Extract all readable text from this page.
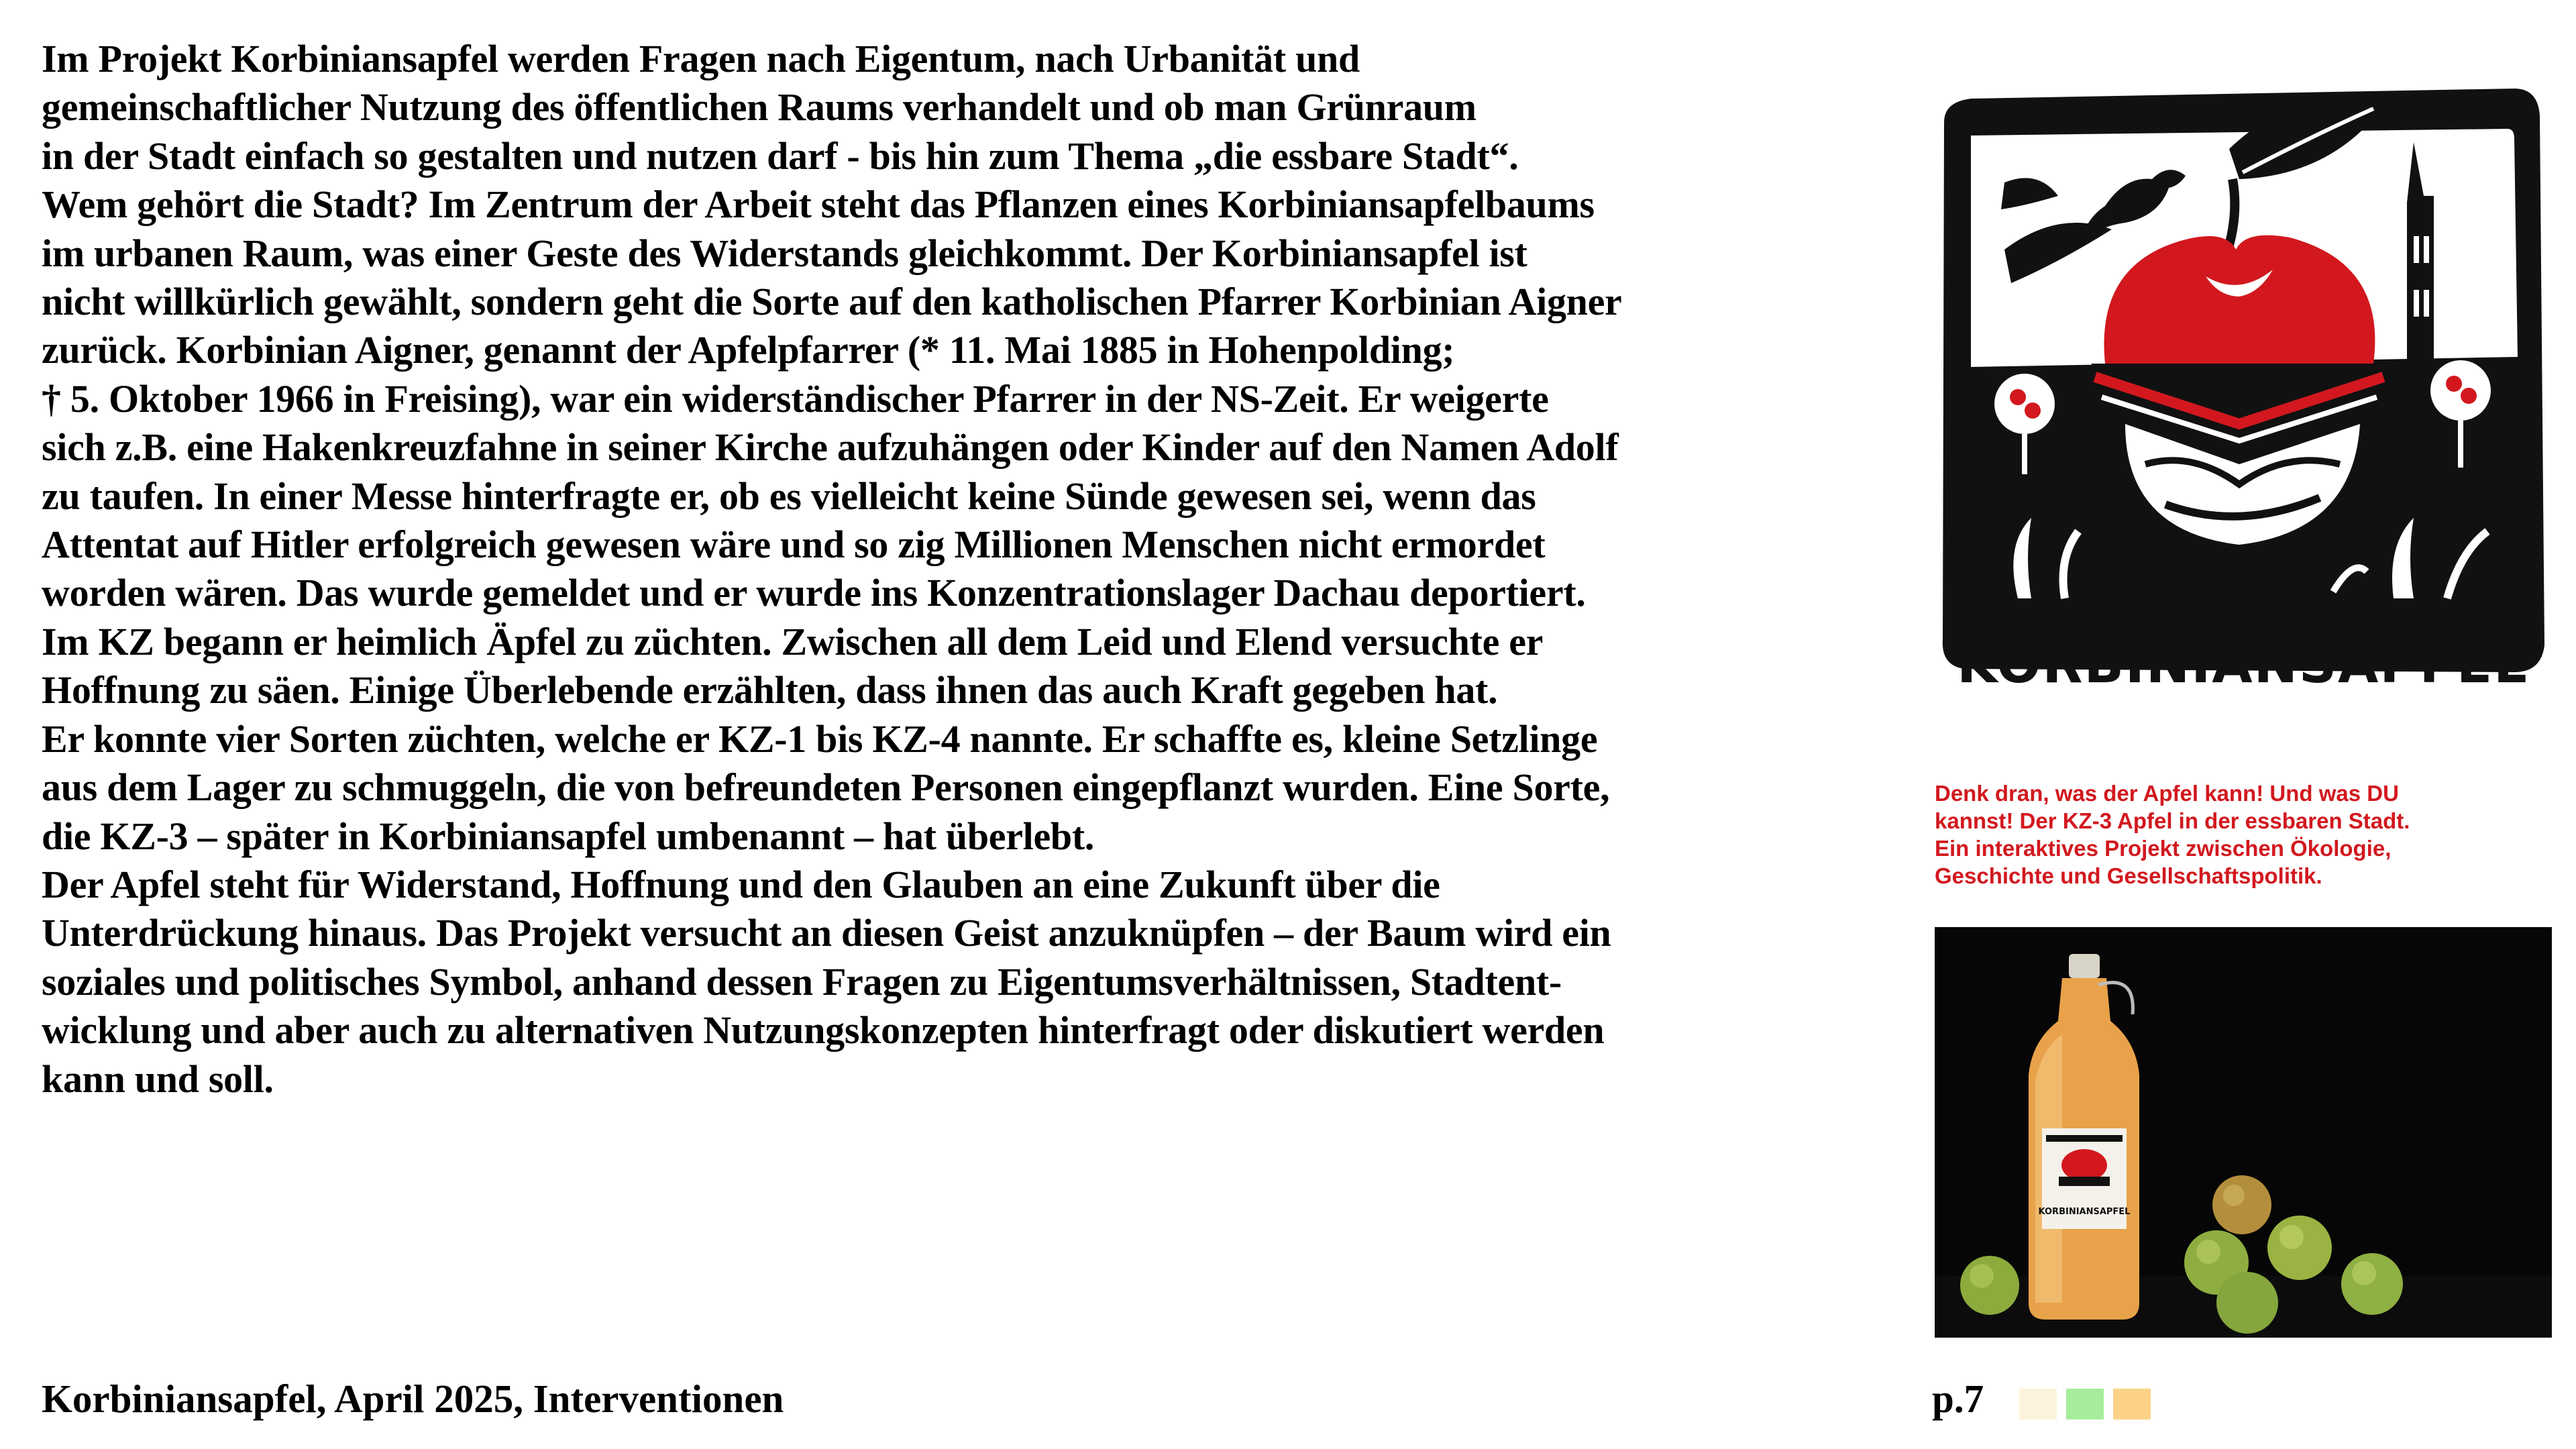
Im Projekt Korbiniansapfel werden Fragen nach Eigentum, nach Urbanität und
gemeinschaftlicher Nutzung des öffentlichen Raums verhandelt und ob man Grünraum
in der Stadt einfach so gestalten und nutzen darf - bis hin zum Thema „die essbare Stadt“.
Wem gehört die Stadt? Im Zentrum der Arbeit steht das Pflanzen eines Korbiniansapfelbaums
im urbanen Raum, was einer Geste des Widerstands gleichkommt. Der Korbiniansapfel ist
nicht willkürlich gewählt, sondern geht die Sorte auf den katholischen Pfarrer Korbinian Aigner
zurück. Korbinian Aigner, genannt der Apfelpfarrer (* 11. Mai 1885 in Hohenpolding;
† 5. Oktober 1966 in Freising), war ein widerständischer Pfarrer in der NS-Zeit. Er weigerte
sich z.B. eine Hakenkreuzfahne in seiner Kirche aufzuhängen oder Kinder auf den Namen Adolf
zu taufen. In einer Messe hinterfragte er, ob es vielleicht keine Sünde gewesen sei, wenn das
Attentat auf Hitler erfolgreich gewesen wäre und so zig Millionen Menschen nicht ermordet
worden wären. Das wurde gemeldet und er wurde ins Konzentrationslager Dachau deportiert.
Im KZ begann er heimlich Äpfel zu züchten. Zwischen all dem Leid und Elend versuchte er
Hoffnung zu säen. Einige Überlebende erzählten, dass ihnen das auch Kraft gegeben hat.
Er konnte vier Sorten züchten, welche er KZ-1 bis KZ-4 nannte. Er schaffte es, kleine Setzlinge
aus dem Lager zu schmuggeln, die von befreundeten Personen eingepflanzt wurden. Eine Sorte,
die KZ-3 – später in Korbiniansapfel umbenannt – hat überlebt.
Der Apfel steht für Widerstand, Hoffnung und den Glauben an eine Zukunft über die
Unterdrückung hinaus. Das Projekt versucht an diesen Geist anzuknüpfen – der Baum wird ein
soziales und politisches Symbol, anhand dessen Fragen zu Eigentumsverhältnissen, Stadtent-
wicklung und aber auch zu alternativen Nutzungskonzepten hinterfragt oder diskutiert werden
kann und soll.
KORBINIANSAPFEL
Denk dran, was der Apfel kann! Und was DU
kannst! Der KZ-3 Apfel in der essbaren Stadt.
Ein interaktives Projekt zwischen Ökologie,
Geschichte und Gesellschaftspolitik.
KORBINIANSAPFEL
Korbiniansapfel, April 2025, Interventionen	p.7
